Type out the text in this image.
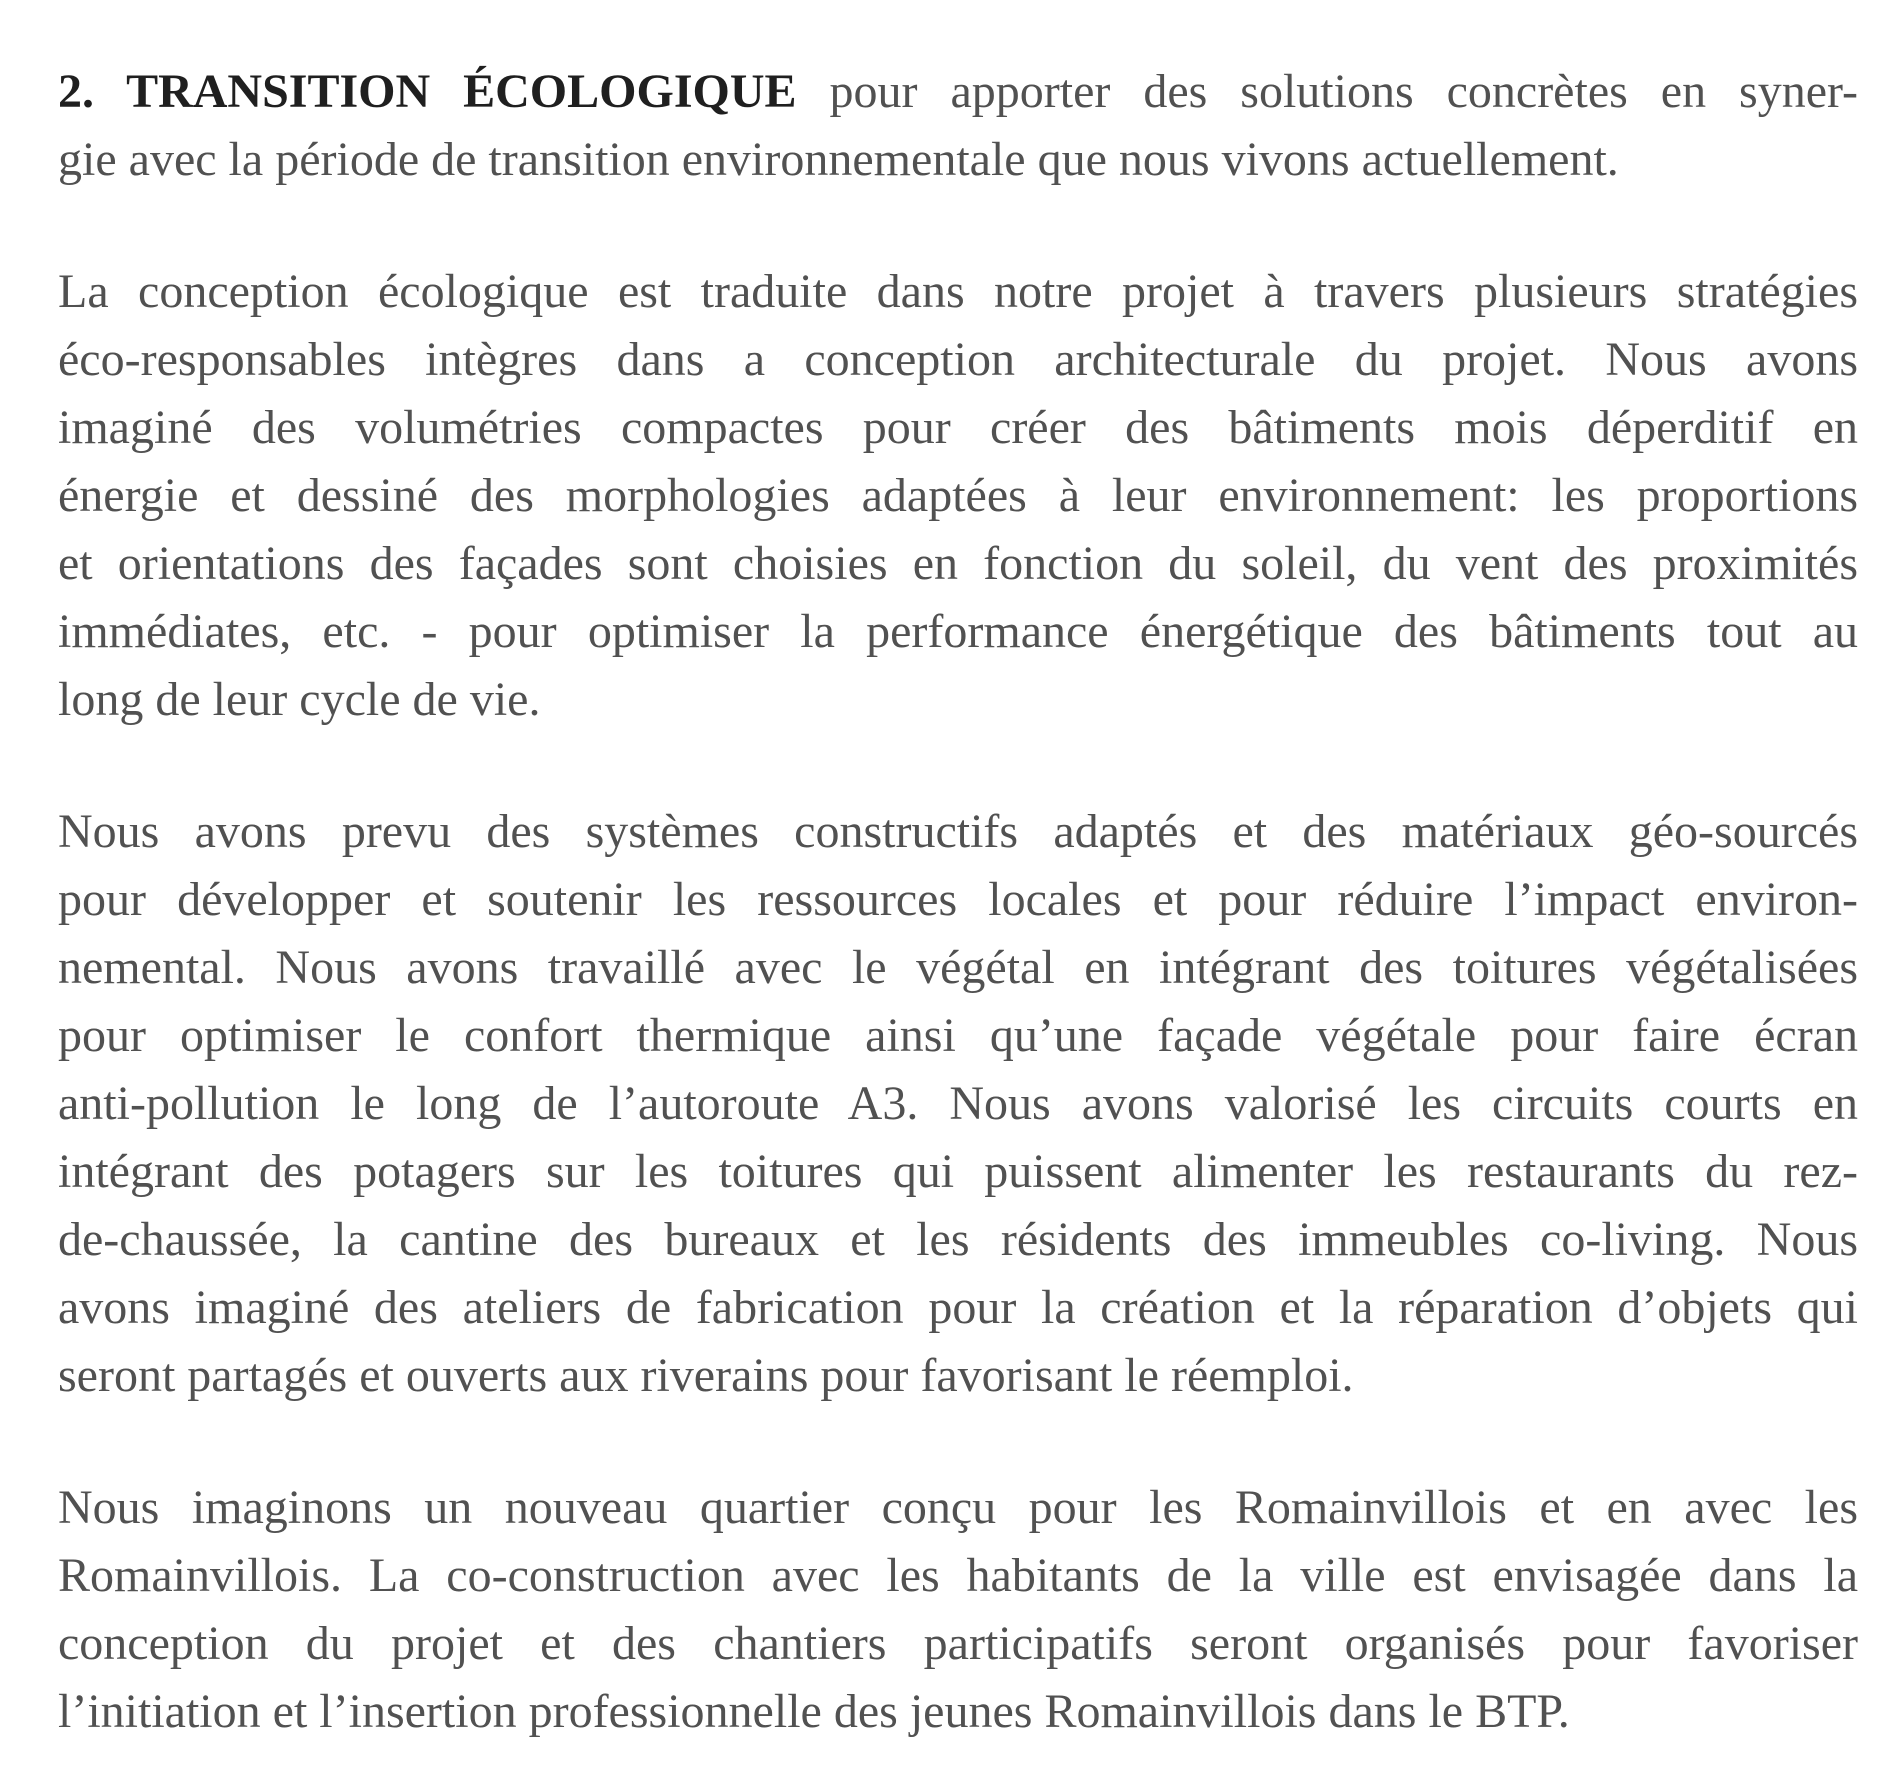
2. TRANSITION ÉCOLOGIQUE pour apporter des solutions concrètes en syner-
gie avec la période de transition environnementale que nous vivons actuellement.
La conception écologique est traduite dans notre projet à travers plusieurs stratégies
éco-responsables intègres dans a conception architecturale du projet. Nous avons
imaginé des volumétries compactes pour créer des bâtiments mois déperditif en
énergie et dessiné des morphologies adaptées à leur environnement: les proportions
et orientations des façades sont choisies en fonction du soleil, du vent des proximités
immédiates, etc. - pour optimiser la performance énergétique des bâtiments tout au
long de leur cycle de vie.
Nous avons prevu des systèmes constructifs adaptés et des matériaux géo-sourcés
pour développer et soutenir les ressources locales et pour réduire l’impact environ-
nemental. Nous avons travaillé avec le végétal en intégrant des toitures végétalisées
pour optimiser le confort thermique ainsi qu’une façade végétale pour faire écran
anti-pollution le long de l’autoroute A3. Nous avons valorisé les circuits courts en
intégrant des potagers sur les toitures qui puissent alimenter les restaurants du rez-
de-chaussée, la cantine des bureaux et les résidents des immeubles co-living. Nous
avons imaginé des ateliers de fabrication pour la création et la réparation d’objets qui
seront partagés et ouverts aux riverains pour favorisant le réemploi.
Nous imaginons un nouveau quartier conçu pour les Romainvillois et en avec les
Romainvillois. La co-construction avec les habitants de la ville est envisagée dans la
conception du projet et des chantiers participatifs seront organisés pour favoriser
l’initiation et l’insertion professionnelle des jeunes Romainvillois dans le BTP.
